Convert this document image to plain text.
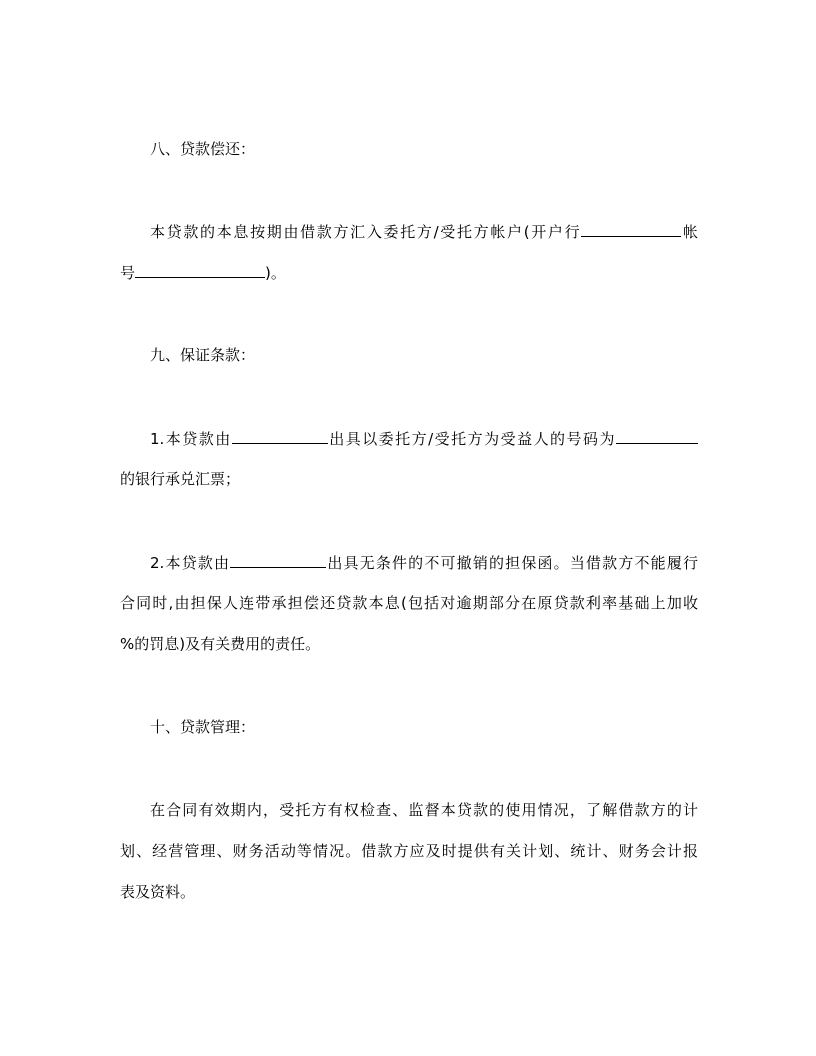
八、贷款偿还：
本贷款的本息按期由借款方汇入委托方/受托方帐户(开户行	帐
号	)。
九、保证条款：
1.本贷款由	出具以委托方/受托方为受益人的号码为
的银行承兑汇票；
2.本贷款由	出具无条件的不可撤销的担保函。当借款方不能履行
合同时,由担保人连带承担偿还贷款本息(包括对逾期部分在原贷款利率基础上加收
%的罚息)及有关费用的责任。
十、贷款管理：
在合同有效期内，受托方有权检查、监督本贷款的使用情况，了解借款方的计
划、经营管理、财务活动等情况。借款方应及时提供有关计划、统计、财务会计报
表及资料。
